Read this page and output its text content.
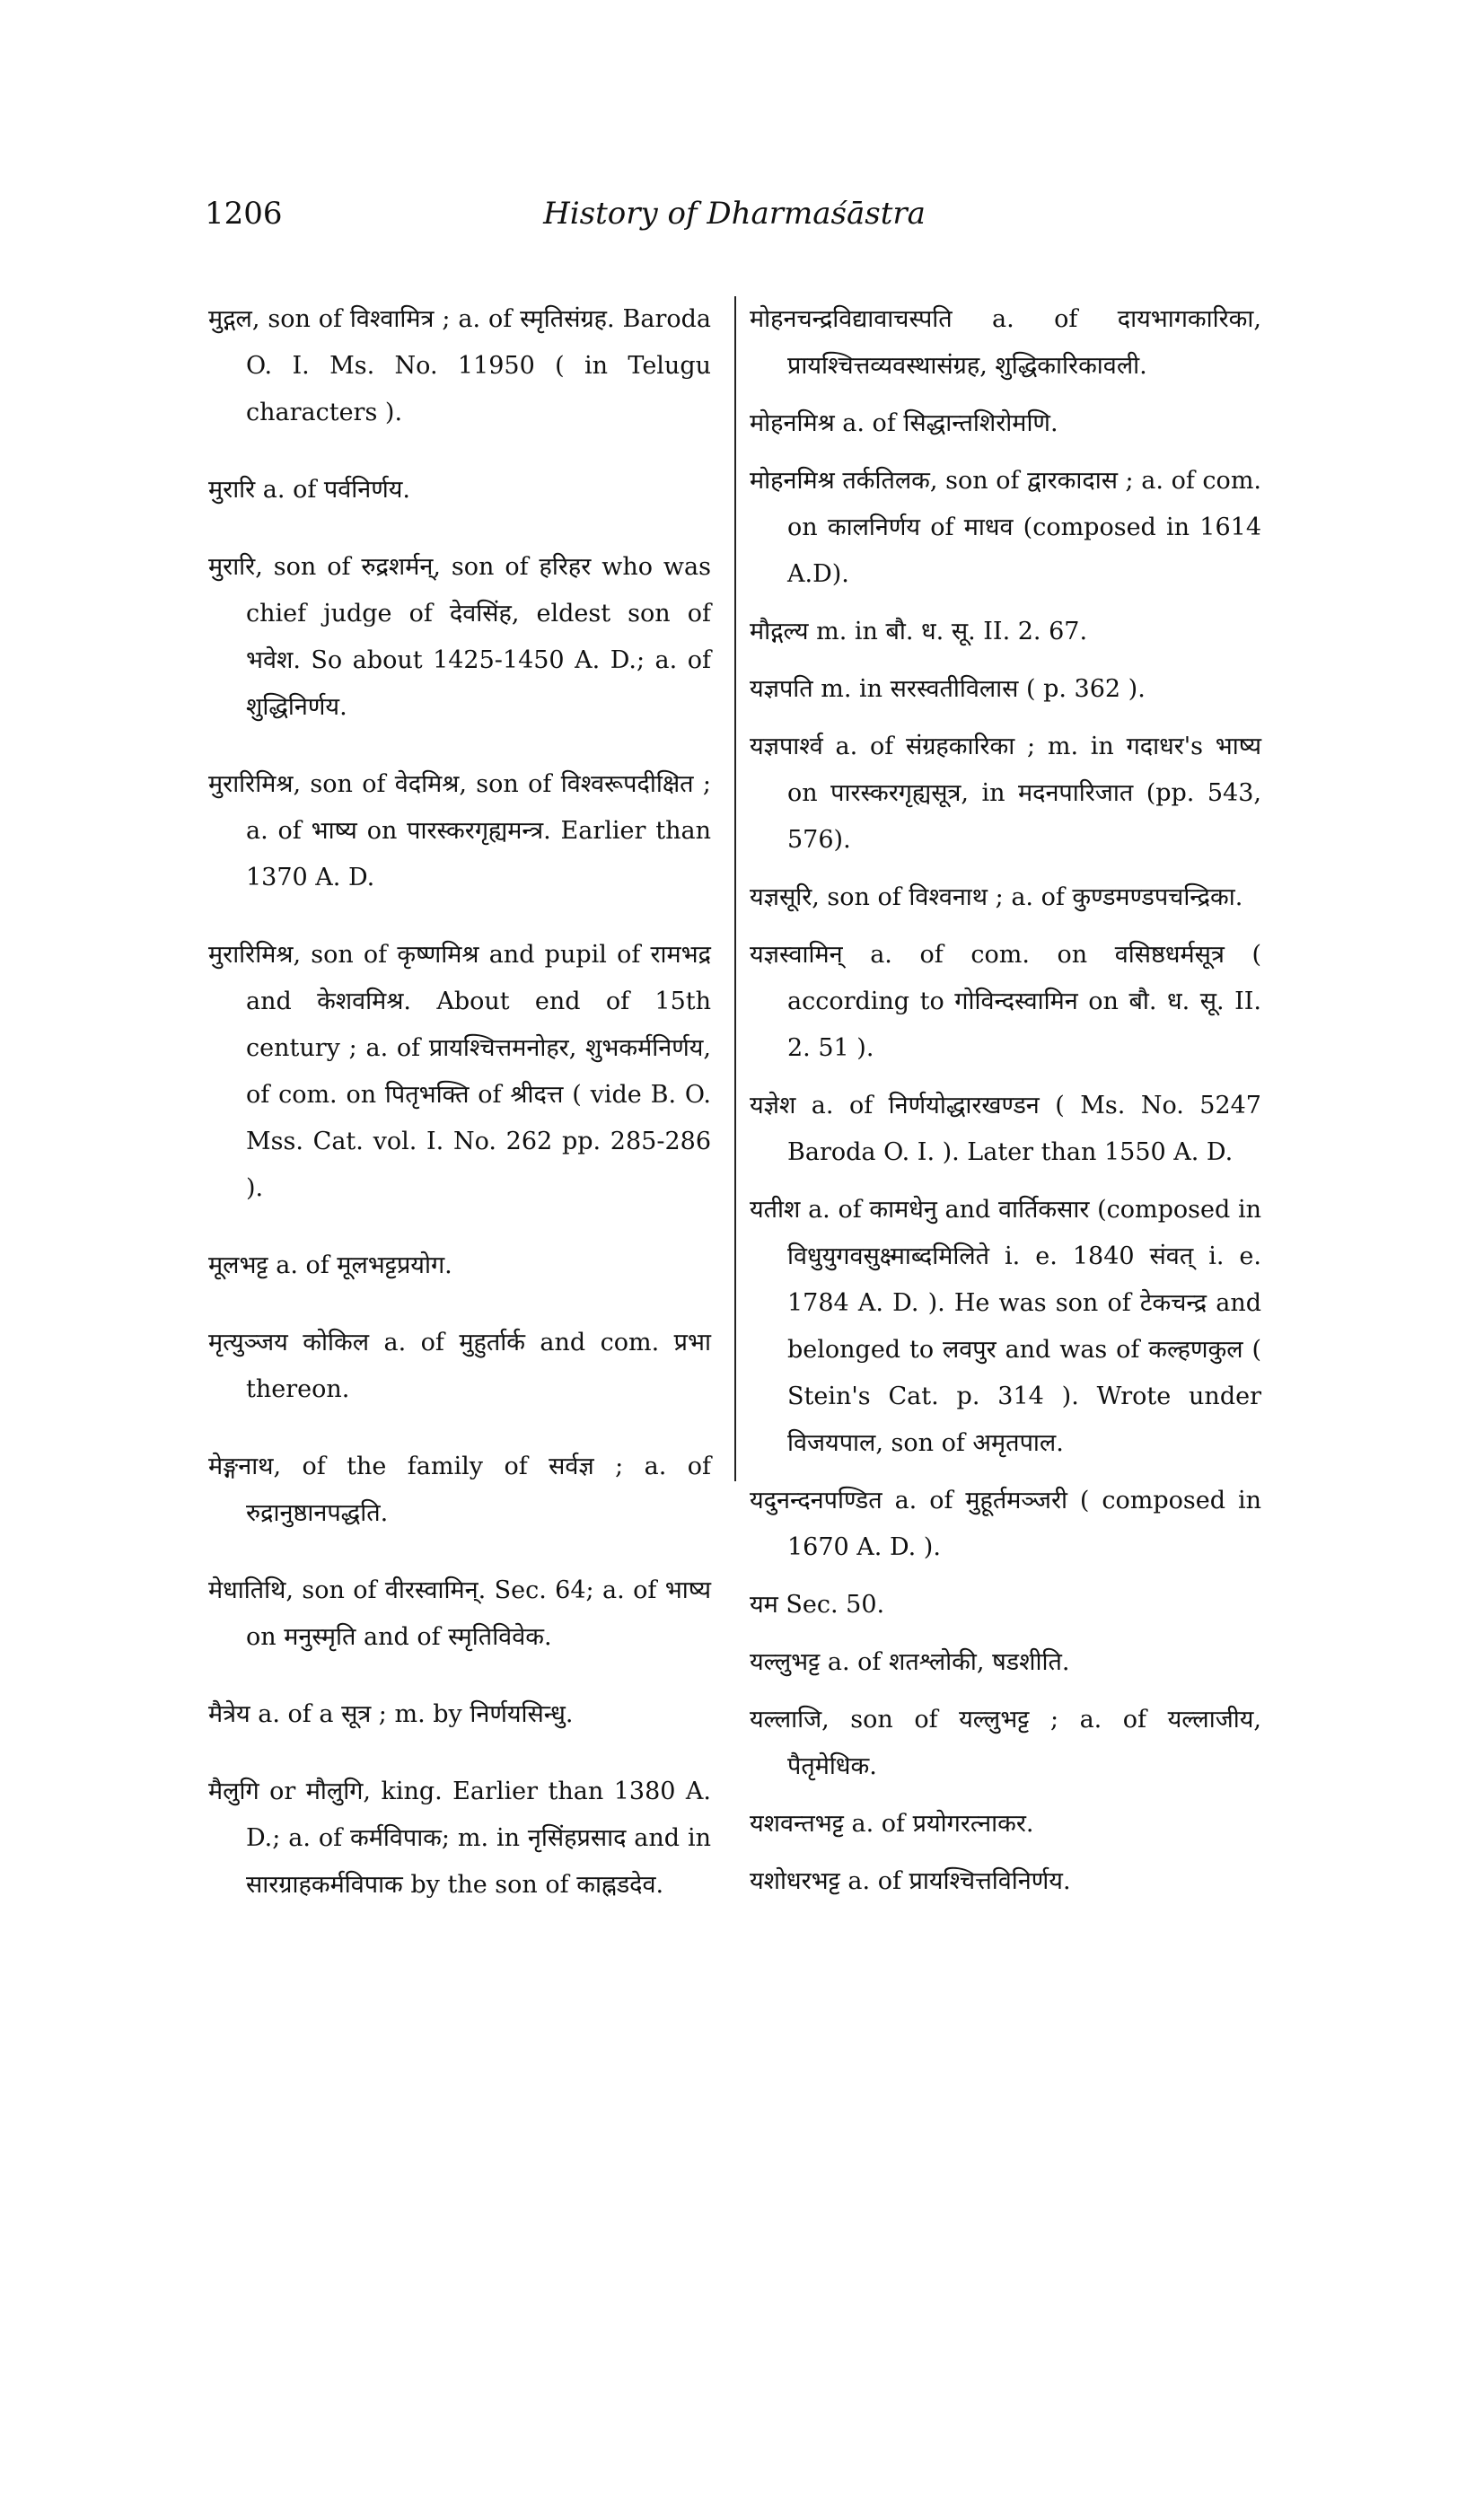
1206	History of Dharmaśāstra

मुद्गल, son of विश्वामित्र ; a. of स्मृतिसंग्रह. Baroda O. I. Ms. No. 11950 ( in Telugu characters ).

मुरारि a. of पर्वनिर्णय.

मुरारि, son of रुद्रशर्मन्, son of हरिहर who was chief judge of देवसिंह, eldest son of भवेश. So about 1425-1450 A. D.; a. of शुद्धिनिर्णय.

मुरारिमिश्र, son of वेदमिश्र, son of विश्वरूपदीक्षित ; a. of भाष्य on पारस्करगृह्यमन्त्र. Earlier than 1370 A. D.

मुरारिमिश्र, son of कृष्णमिश्र and pupil of रामभद्र and केशवमिश्र. About end of 15th century ; a. of प्रायश्चित्तमनोहर, शुभकर्मनिर्णय, of com. on पितृभक्ति of श्रीदत्त ( vide B. O. Mss. Cat. vol. I. No. 262 pp. 285-286 ).

मूलभट्ट a. of मूलभट्टप्रयोग.

मृत्युञ्जय कोकिल a. of मुहुर्तार्क and com. प्रभा thereon.

मेङ्गनाथ, of the family of सर्वज्ञ ; a. of रुद्रानुष्ठानपद्धति.

मेधातिथि, son of वीरस्वामिन्. Sec. 64; a. of भाष्य on मनुस्मृति and of स्मृतिविवेक.

मैत्रेय a. of a सूत्र ; m. by निर्णयसिन्धु.

मैलुगि or मौलुगि, king. Earlier than 1380 A. D.; a. of कर्मविपाक; m. in नृसिंहप्रसाद and in सारग्राहकर्मविपाक by the son of काह्नडदेव.

मोहनचन्द्रविद्यावाचस्पति a. of दायभागकारिका, प्रायश्चित्तव्यवस्थासंग्रह, शुद्धिकारिकावली.

मोहनमिश्र a. of सिद्धान्तशिरोमणि.

मोहनमिश्र तर्कतिलक, son of द्वारकादास ; a. of com. on कालनिर्णय of माधव (composed in 1614 A.D).

मौद्गल्य m. in बौ. ध. सू. II. 2. 67.

यज्ञपति m. in सरस्वतीविलास ( p. 362 ).

यज्ञपार्श्व a. of संग्रहकारिका ; m. in गदाधर's भाष्य on पारस्करगृह्यसूत्र, in मदनपारिजात (pp. 543, 576).

यज्ञसूरि, son of विश्वनाथ ; a. of कुण्डमण्डपचन्द्रिका.

यज्ञस्वामिन् a. of com. on वसिष्ठधर्मसूत्र ( according to गोविन्दस्वामिन on बौ. ध. सू. II. 2. 51 ).

यज्ञेश a. of निर्णयोद्धारखण्डन ( Ms. No. 5247 Baroda O. I. ). Later than 1550 A. D.

यतीश a. of कामधेनु and वार्तिकसार (composed in विधुयुगवसुक्ष्माब्दमिलिते i. e. 1840 संवत् i. e. 1784 A. D. ). He was son of टेकचन्द्र and belonged to लवपुर and was of कल्हणकुल ( Stein's Cat. p. 314 ). Wrote under विजयपाल, son of अमृतपाल.

यदुनन्दनपण्डित a. of मुहूर्तमञ्जरी ( composed in 1670 A. D. ).

यम Sec. 50.

यल्लुभट्ट a. of शतश्लोकी, षडशीति.

यल्लाजि, son of यल्लुभट्ट ; a. of यल्लाजीय, पैतृमेधिक.

यशवन्तभट्ट a. of प्रयोगरत्नाकर.

यशोधरभट्ट a. of प्रायश्चित्तविनिर्णय.
